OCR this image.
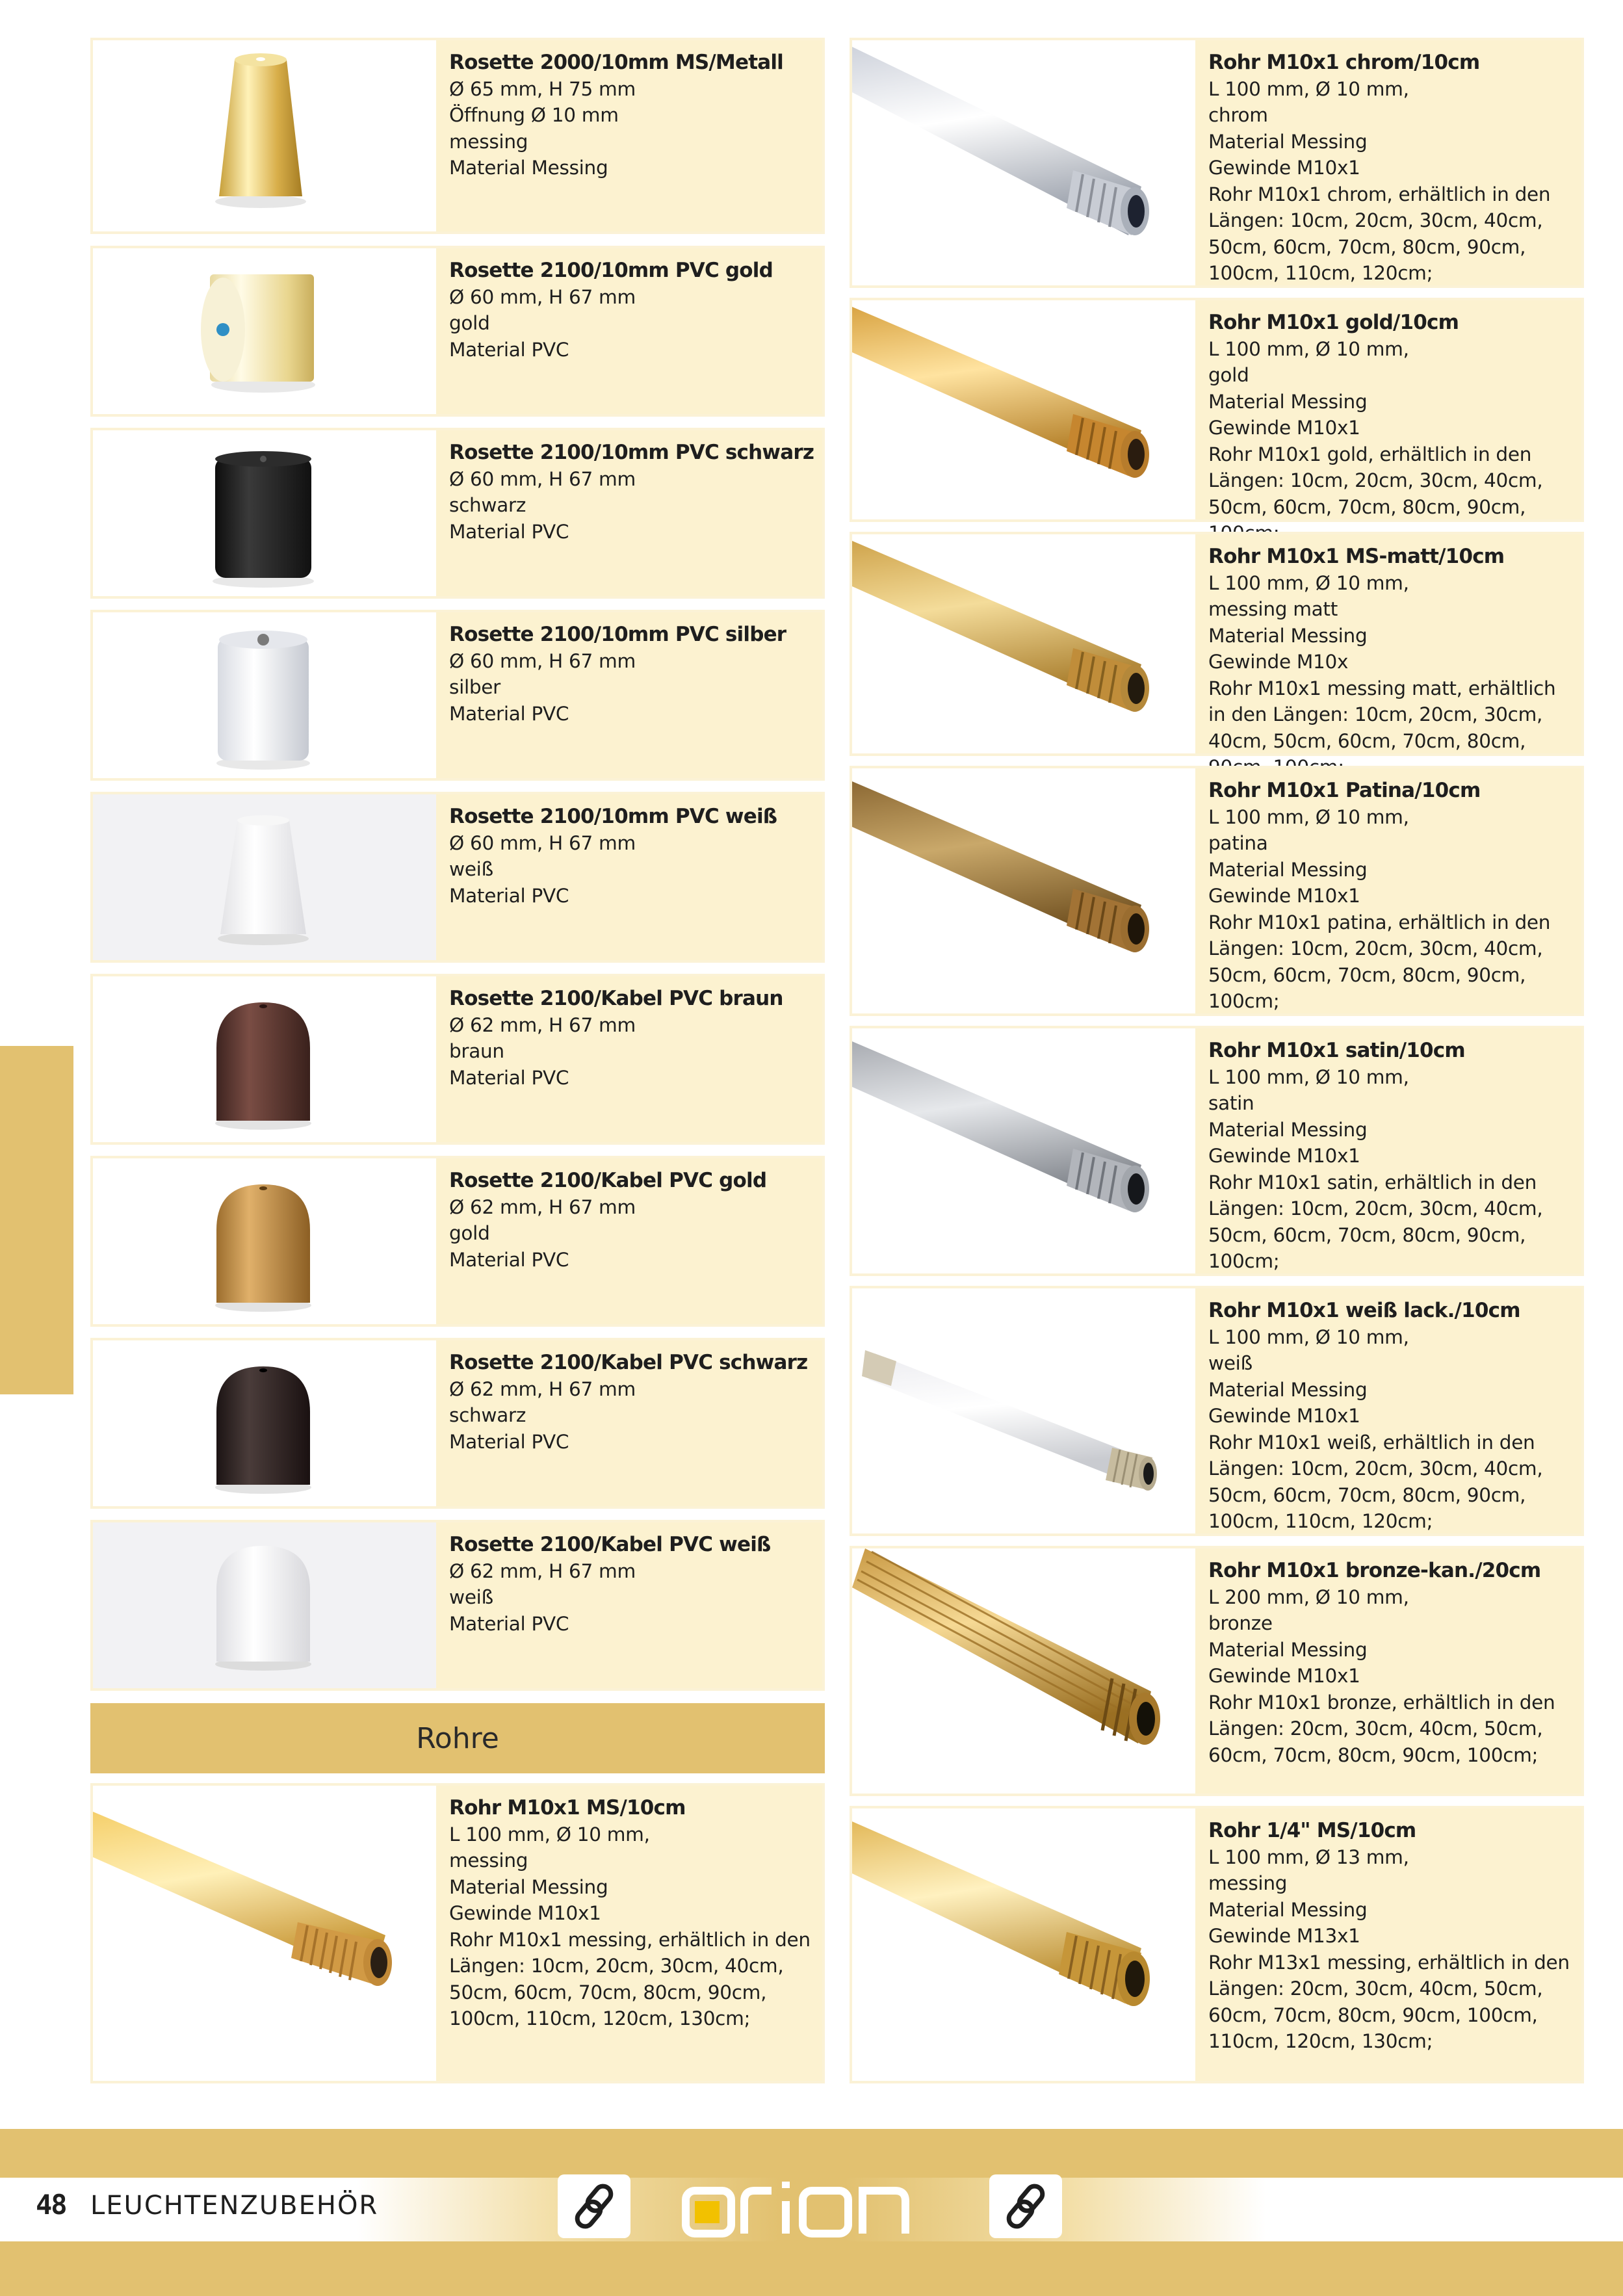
Rosette 2000/10mm MS/Metall
Ø 65 mm, H 75 mm
Öffnung Ø 10 mm
messing
Material Messing
Rosette 2100/10mm PVC gold
Ø 60 mm, H 67 mm
gold
Material PVC
Rosette 2100/10mm PVC schwarz
Ø 60 mm, H 67 mm
schwarz
Material PVC
Rosette 2100/10mm PVC silber
Ø 60 mm, H 67 mm
silber
Material PVC
Rosette 2100/10mm PVC weiß
Ø 60 mm, H 67 mm
weiß
Material PVC
Rosette 2100/Kabel PVC braun
Ø 62 mm, H 67 mm
braun
Material PVC
Rosette 2100/Kabel PVC gold
Ø 62 mm, H 67 mm
gold
Material PVC
Rosette 2100/Kabel PVC schwarz
Ø 62 mm, H 67 mm
schwarz
Material PVC
Rosette 2100/Kabel PVC weiß
Ø 62 mm, H 67 mm
weiß
Material PVC
Rohr M10x1 MS/10cm
L 100 mm, Ø 10 mm,
messing
Material Messing
Gewinde M10x1
Rohr M10x1 messing, erhältlich in den Längen: 10cm, 20cm, 30cm, 40cm, 50cm, 60cm, 70cm, 80cm, 90cm, 100cm, 110cm, 120cm, 130cm;
Rohre
Rohr M10x1 chrom/10cm
L 100 mm, Ø 10 mm,
chrom
Material Messing
Gewinde M10x1
Rohr M10x1 chrom, erhältlich in den Längen: 10cm, 20cm, 30cm, 40cm, 50cm, 60cm, 70cm, 80cm, 90cm, 100cm, 110cm, 120cm;
Rohr M10x1 gold/10cm
L 100 mm, Ø 10 mm,
gold
Material Messing
Gewinde M10x1
Rohr M10x1 gold, erhältlich in den Längen: 10cm, 20cm, 30cm, 40cm, 50cm, 60cm, 70cm, 80cm, 90cm,
Rohr M10x1 MS-matt/10cm
L 100 mm, Ø 10 mm,
messing matt
Material Messing
Gewinde M10x
Rohr M10x1 messing matt, erhältlich in den Längen: 10cm, 20cm, 30cm, 40cm, 50cm, 60cm, 70cm, 80cm,
Rohr M10x1 Patina/10cm
L 100 mm, Ø 10 mm,
patina
Material Messing
Gewinde M10x1
Rohr M10x1 patina, erhältlich in den Längen: 10cm, 20cm, 30cm, 40cm, 50cm, 60cm, 70cm, 80cm, 90cm, 100cm;
Rohr M10x1 satin/10cm
L 100 mm, Ø 10 mm,
satin
Material Messing
Gewinde M10x1
Rohr M10x1 satin, erhältlich in den Längen: 10cm, 20cm, 30cm, 40cm, 50cm, 60cm, 70cm, 80cm, 90cm, 100cm;
Rohr M10x1 weiß lack./10cm
L 100 mm, Ø 10 mm,
weiß
Material Messing
Gewinde M10x1
Rohr M10x1 weiß, erhältlich in den Längen: 10cm, 20cm, 30cm, 40cm, 50cm, 60cm, 70cm, 80cm, 90cm, 100cm, 110cm, 120cm;
Rohr M10x1 bronze-kan./20cm
L 200 mm, Ø 10 mm,
bronze
Material Messing
Gewinde M10x1
Rohr M10x1 bronze, erhältlich in den Längen: 20cm, 30cm, 40cm, 50cm, 60cm, 70cm, 80cm, 90cm, 100cm;
Rohr 1/4" MS/10cm
L 100 mm, Ø 13 mm,
messing
Material Messing
Gewinde M13x1
Rohr M13x1 messing, erhältlich in den Längen: 20cm, 30cm, 40cm, 50cm, 60cm, 70cm, 80cm, 90cm, 100cm, 110cm, 120cm, 130cm;
48 LEUCHTENZUBEHÖR
